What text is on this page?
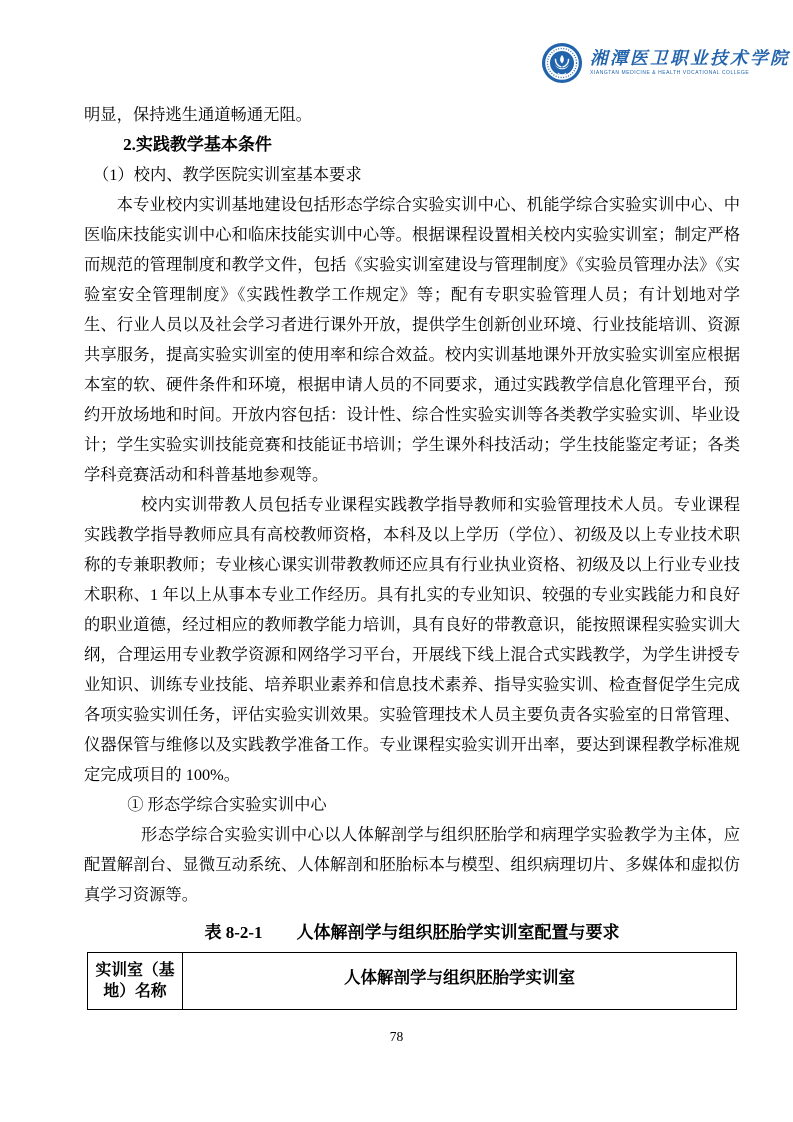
湘潭医卫职业技术学院
XIANGTAN MEDICINE & HEALTH VOCATIONAL COLLEGE

明显，保持逃生通道畅通无阻。

2.实践教学基本条件

（1）校内、教学医院实训室基本要求

本专业校内实训基地建设包括形态学综合实验实训中心、机能学综合实验实训中心、中医临床技能实训中心和临床技能实训中心等。根据课程设置相关校内实验实训室；制定严格而规范的管理制度和教学文件，包括《实验实训室建设与管理制度》《实验员管理办法》《实验室安全管理制度》《实践性教学工作规定》等；配有专职实验管理人员；有计划地对学生、行业人员以及社会学习者进行课外开放，提供学生创新创业环境、行业技能培训、资源共享服务，提高实验实训室的使用率和综合效益。校内实训基地课外开放实验实训室应根据本室的软、硬件条件和环境，根据申请人员的不同要求，通过实践教学信息化管理平台，预约开放场地和时间。开放内容包括：设计性、综合性实验实训等各类教学实验实训、毕业设计；学生实验实训技能竞赛和技能证书培训；学生课外科技活动；学生技能鉴定考证；各类学科竞赛活动和科普基地参观等。

校内实训带教人员包括专业课程实践教学指导教师和实验管理技术人员。专业课程实践教学指导教师应具有高校教师资格，本科及以上学历（学位）、初级及以上专业技术职称的专兼职教师；专业核心课实训带教教师还应具有行业执业资格、初级及以上行业专业技术职称、1 年以上从事本专业工作经历。具有扎实的专业知识、较强的专业实践能力和良好的职业道德，经过相应的教师教学能力培训，具有良好的带教意识，能按照课程实验实训大纲，合理运用专业教学资源和网络学习平台，开展线下线上混合式实践教学，为学生讲授专业知识、训练专业技能、培养职业素养和信息技术素养、指导实验实训、检查督促学生完成各项实验实训任务，评估实验实训效果。实验管理技术人员主要负责各实验室的日常管理、仪器保管与维修以及实践教学准备工作。专业课程实验实训开出率，要达到课程教学标准规定完成项目的 100%。

① 形态学综合实验实训中心

形态学综合实验实训中心以人体解剖学与组织胚胎学和病理学实验教学为主体，应配置解剖台、显微互动系统、人体解剖和胚胎标本与模型、组织病理切片、多媒体和虚拟仿真学习资源等。

表 8-2-1　　人体解剖学与组织胚胎学实训室配置与要求
实训室（基地）名称	人体解剖学与组织胚胎学实训室
78
